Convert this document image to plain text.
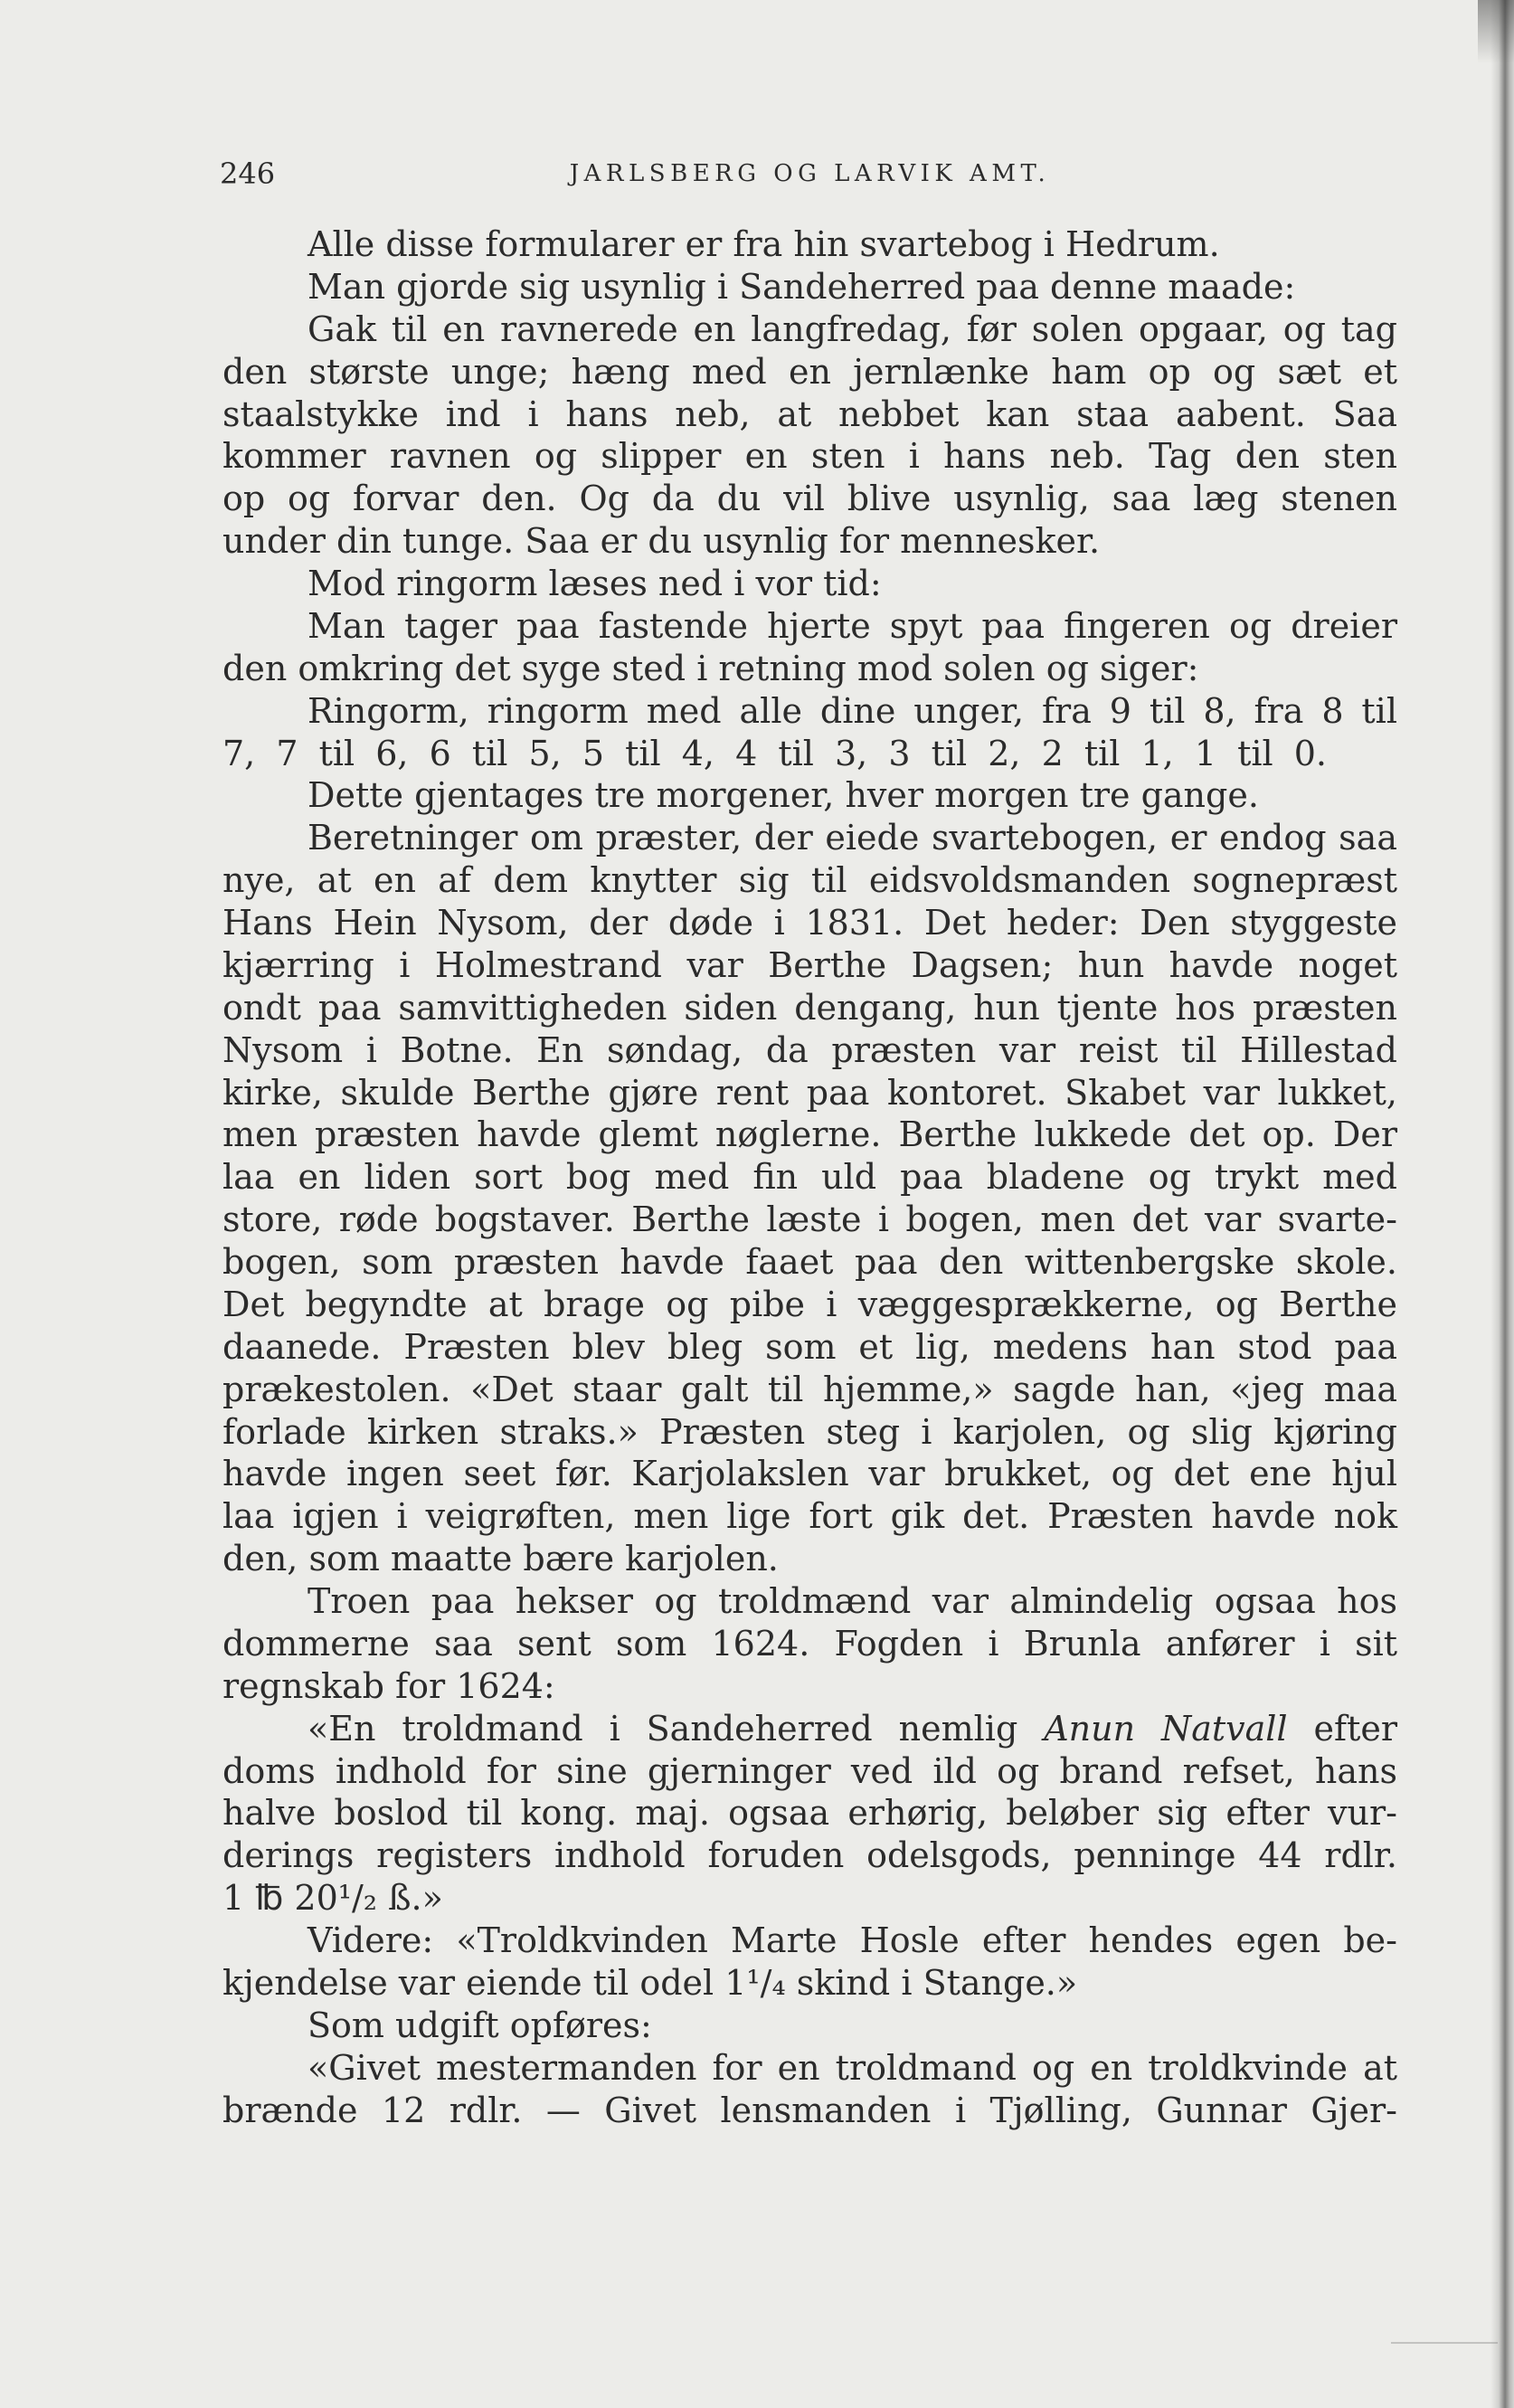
246	JARLSBERG OG LARVIK AMT.
Alle disse formularer er fra hin svartebog i Hedrum.
Man gjorde sig usynlig i Sandeherred paa denne maade:
Gak til en ravnerede en langfredag, før solen opgaar, og tag
den største unge; hæng med en jernlænke ham op og sæt et
staalstykke ind i hans neb, at nebbet kan staa aabent. Saa
kommer ravnen og slipper en sten i hans neb. Tag den sten
op og forvar den. Og da du vil blive usynlig, saa læg stenen
under din tunge. Saa er du usynlig for mennesker.
Mod ringorm læses ned i vor tid:
Man tager paa fastende hjerte spyt paa fingeren og dreier
den omkring det syge sted i retning mod solen og siger:
Ringorm, ringorm med alle dine unger, fra 9 til 8, fra 8 til
7, 7 til 6, 6 til 5, 5 til 4, 4 til 3, 3 til 2, 2 til 1, 1 til 0.
Dette gjentages tre morgener, hver morgen tre gange.
Beretninger om præster, der eiede svartebogen, er endog saa
nye, at en af dem knytter sig til eidsvoldsmanden sognepræst
Hans Hein Nysom, der døde i 1831. Det heder: Den styggeste
kjærring i Holmestrand var Berthe Dagsen; hun havde noget
ondt paa samvittigheden siden dengang, hun tjente hos præsten
Nysom i Botne. En søndag, da præsten var reist til Hillestad
kirke, skulde Berthe gjøre rent paa kontoret. Skabet var lukket,
men præsten havde glemt nøglerne. Berthe lukkede det op. Der
laa en liden sort bog med fin uld paa bladene og trykt med
store, røde bogstaver. Berthe læste i bogen, men det var svarte-
bogen, som præsten havde faaet paa den wittenbergske skole.
Det begyndte at brage og pibe i væggesprækkerne, og Berthe
daanede. Præsten blev bleg som et lig, medens han stod paa
prækestolen. «Det staar galt til hjemme,» sagde han, «jeg maa
forlade kirken straks.» Præsten steg i karjolen, og slig kjøring
havde ingen seet før. Karjolakslen var brukket, og det ene hjul
laa igjen i veigrøften, men lige fort gik det. Præsten havde nok
den, som maatte bære karjolen.
Troen paa hekser og troldmænd var almindelig ogsaa hos
dommerne saa sent som 1624. Fogden i Brunla anfører i sit
regnskab for 1624:
«En troldmand i Sandeherred nemlig Anun Natvall efter
doms indhold for sine gjerninger ved ild og brand refset, hans
halve boslod til kong. maj. ogsaa erhørig, beløber sig efter vur-
derings registers indhold foruden odelsgods, penninge 44 rdlr.
1 ℔ 20¹/₂ ß.»
Videre: «Troldkvinden Marte Hosle efter hendes egen be-
kjendelse var eiende til odel 1¹/₄ skind i Stange.»
Som udgift opføres:
«Givet mestermanden for en troldmand og en troldkvinde at
brænde 12 rdlr. — Givet lensmanden i Tjølling, Gunnar Gjer-
